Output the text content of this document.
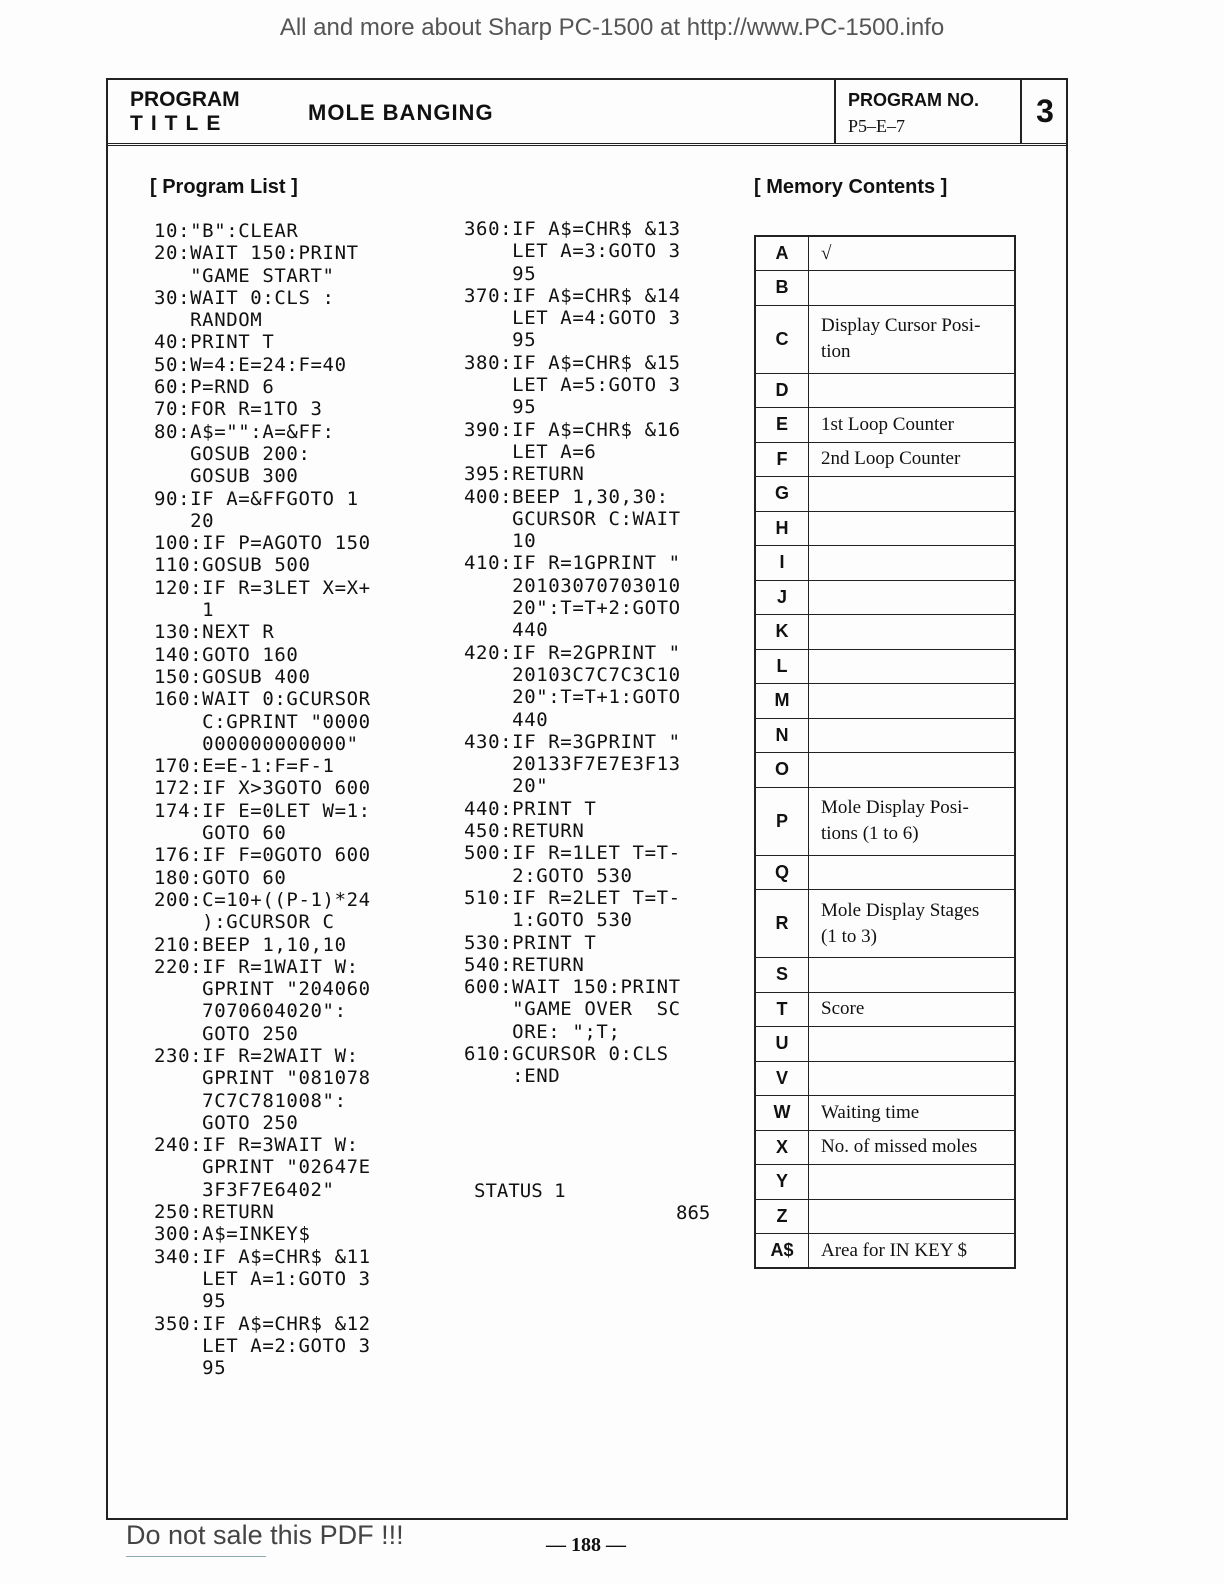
All and more about Sharp PC-1500 at http://www.PC-1500.info
PROGRAM
TITLE	MOLE BANGING	PROGRAM NO.
P5–E–7	3
[ Program List ]	[ Memory Contents ]
10:"B":CLEAR
20:WAIT 150:PRINT
"GAME START"
30:WAIT 0:CLS :
RANDOM
40:PRINT T
50:W=4:E=24:F=40
60:P=RND 6
70:FOR R=1TO 3
80:A$="":A=&FF:
GOSUB 200:
GOSUB 300
90:IF A=&FFGOTO 1
20
100:IF P=AGOTO 150
110:GOSUB 500
120:IF R=3LET X=X+
1
130:NEXT R
140:GOTO 160
150:GOSUB 400
160:WAIT 0:GCURSOR
C:GPRINT "0000
000000000000"
170:E=E-1:F=F-1
172:IF X>3GOTO 600
174:IF E=0LET W=1:
GOTO 60
176:IF F=0GOTO 600
180:GOTO 60
200:C=10+((P-1)*24
):GCURSOR C
210:BEEP 1,10,10
220:IF R=1WAIT W:
GPRINT "204060
7070604020":
GOTO 250
230:IF R=2WAIT W:
GPRINT "081078
7C7C781008":
GOTO 250
240:IF R=3WAIT W:
GPRINT "02647E
3F3F7E6402"
250:RETURN
300:A$=INKEY$
340:IF A$=CHR$ &11
LET A=1:GOTO 3
95
350:IF A$=CHR$ &12
LET A=2:GOTO 3
95
360:IF A$=CHR$ &13
LET A=3:GOTO 3
95
370:IF A$=CHR$ &14
LET A=4:GOTO 3
95
380:IF A$=CHR$ &15
LET A=5:GOTO 3
95
390:IF A$=CHR$ &16
LET A=6
395:RETURN
400:BEEP 1,30,30:
GCURSOR C:WAIT
10
410:IF R=1GPRINT "
20103070703010
20":T=T+2:GOTO
440
420:IF R=2GPRINT "
20103C7C7C3C10
20":T=T+1:GOTO
440
430:IF R=3GPRINT "
20133F7E7E3F13
20"
440:PRINT T
450:RETURN
500:IF R=1LET T=T-
2:GOTO 530
510:IF R=2LET T=T-
1:GOTO 530
530:PRINT T
540:RETURN
600:WAIT 150:PRINT
"GAME OVER  SC
ORE: ";T;
610:GCURSOR 0:CLS
:END
STATUS 1
865
A	√
B	
C	Display Cursor Posi-
tion
D	
E	1st Loop Counter
F	2nd Loop Counter
G	
H	
I	
J	
K	
L	
M	
N	
O	
P	Mole Display Posi-
tions (1 to 6)
Q	
R	Mole Display Stages
(1 to 3)
S	
T	Score
U	
V	
W	Waiting time
X	No. of missed moles
Y	
Z	
A$	Area for IN KEY $
Do not sale this PDF !!!	— 188 —
